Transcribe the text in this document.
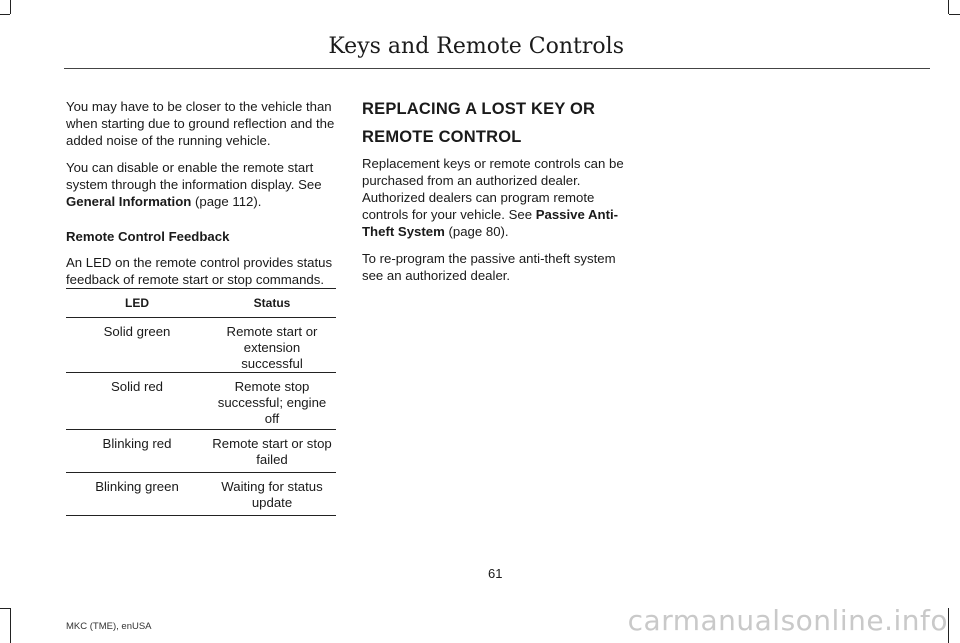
Keys and Remote Controls

You may have to be closer to the vehicle than when starting due to ground reflection and the added noise of the running vehicle.

You can disable or enable the remote start system through the information display. See General Information (page 112).

Remote Control Feedback

An LED on the remote control provides status feedback of remote start or stop commands.

LED	Status
Solid green	Remote start or extension successful
Solid red	Remote stop successful; engine off
Blinking red	Remote start or stop failed
Blinking green	Waiting for status update
REPLACING A LOST KEY OR
REMOTE CONTROL

Replacement keys or remote controls can be purchased from an authorized dealer. Authorized dealers can program remote controls for your vehicle. See Passive Anti-Theft System (page 80).

To re-program the passive anti-theft system see an authorized dealer.

61
MKC (TME), enUSA	carmanualsonline.info
